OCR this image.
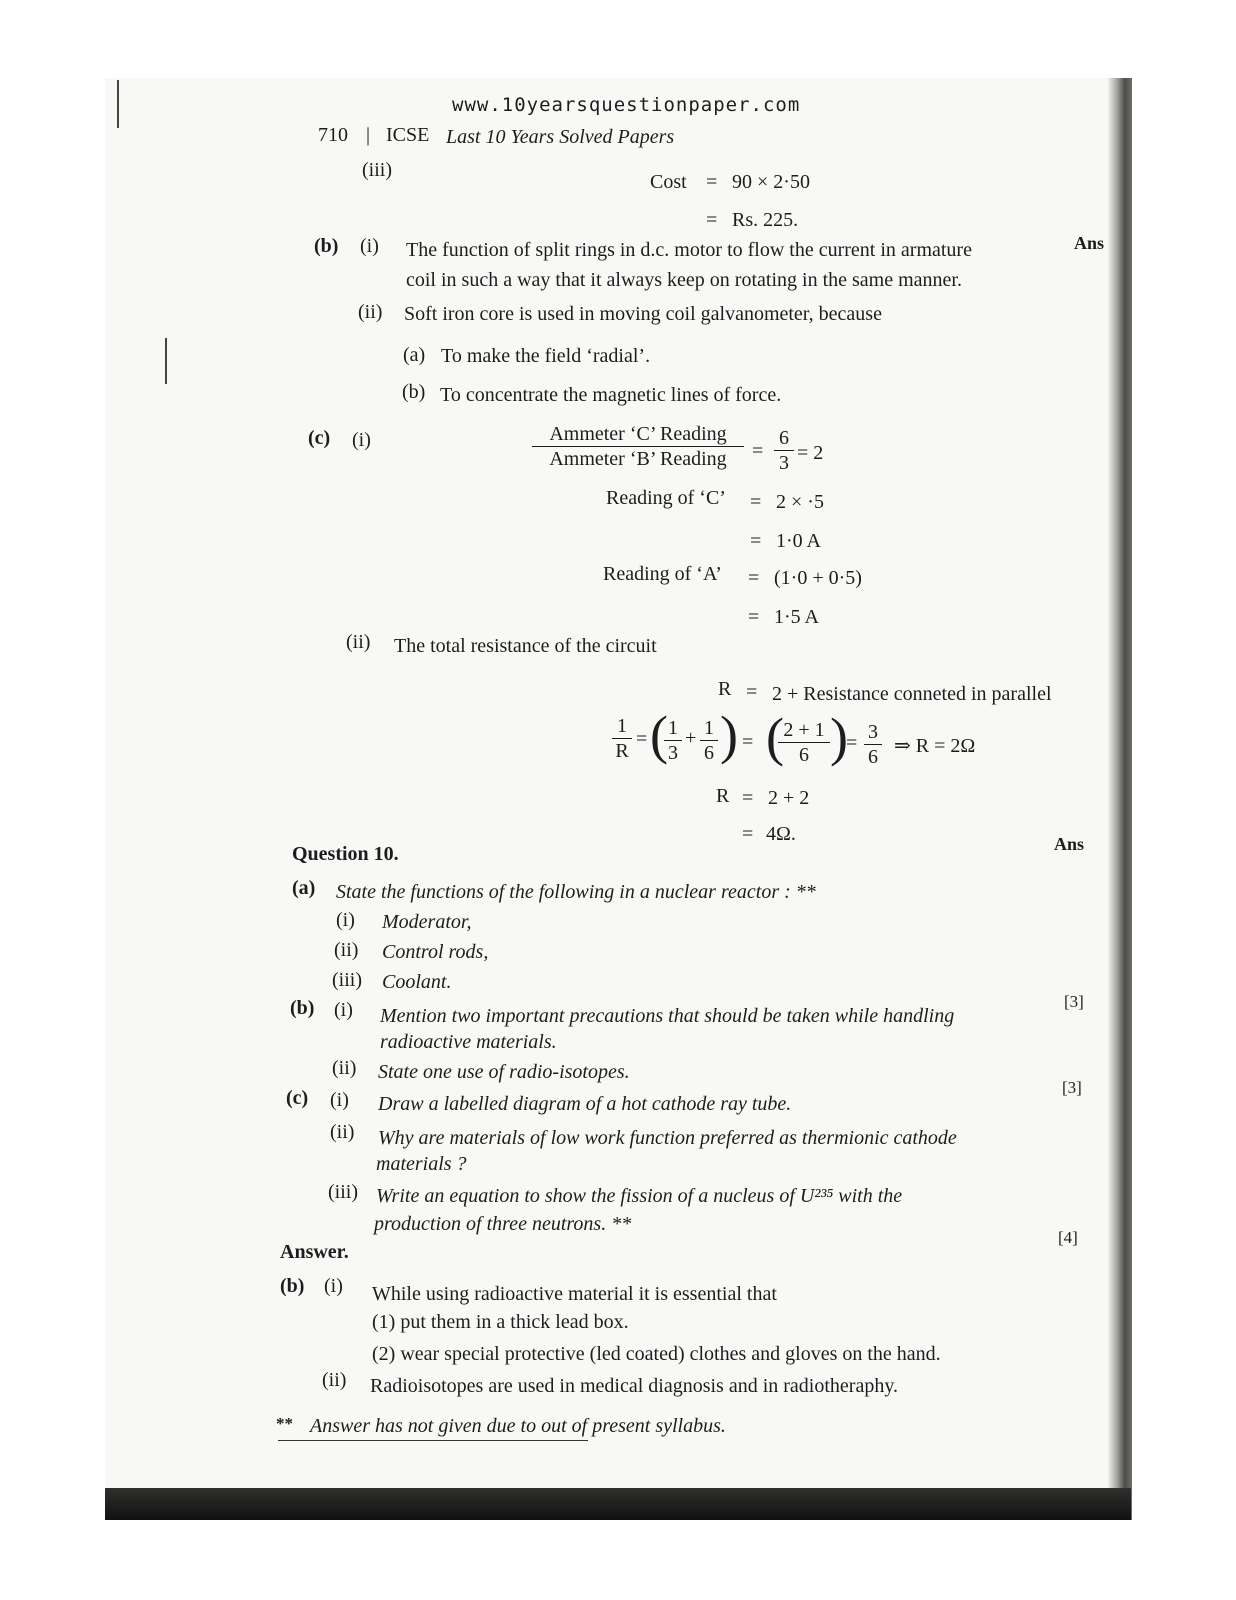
www.10yearsquestionpaper.com
710 | ICSE Last 10 Years Solved Papers
Ans
Ans
[3]
[3]
[4]
(iii)
Cost = 90 × 2·50
= Rs. 225.
(b) (i) The function of split rings in d.c. motor to flow the current in armature
coil in such a way that it always keep on rotating in the same manner.
(ii) Soft iron core is used in moving coil galvanometer, because
(a) To make the field ‘radial’.
(b) To concentrate the magnetic lines of force.
(c) (i)	Ammeter ‘C’ Reading
Ammeter ‘B’ Reading	= $\frac{6}{3} = 2$
Reading of ‘C’ = 2 × ·5
= 1·0 A
Reading of ‘A’ = (1·0 + 0·5)
= 1·5 A
(ii) The total resistance of the circuit
R = 2 + Resistance conneted in parallel
$\frac{1}{R}$ = (
$\frac{1}{3} + \frac{1}{6}$ ) = (
$\frac{2 + 1}{6}$ )
= $\frac{3}{6}$ ⇒ R = 2Ω
R = 2 + 2
= 4Ω.
Question 10.
(a) State the functions of the following in a nuclear reactor : **
(i) Moderator,
(ii) Control rods,
(iii) Coolant.
(b) (i) Mention two important precautions that should be taken while handling
radioactive materials.
(ii) State one use of radio-isotopes.
(c) (i) Draw a labelled diagram of a hot cathode ray tube.
(ii) Why are materials of low work function preferred as thermionic cathode
materials ?
(iii) Write an equation to show the fission of a nucleus of U²³⁵ with the
production of three neutrons. **
Answer.
(b) (i) While using radioactive material it is essential that
(1) put them in a thick lead box.
(2) wear special protective (led coated) clothes and gloves on the hand.
(ii) Radioisotopes are used in medical diagnosis and in radiotheraphy.
** Answer has not given due to out of present syllabus.
